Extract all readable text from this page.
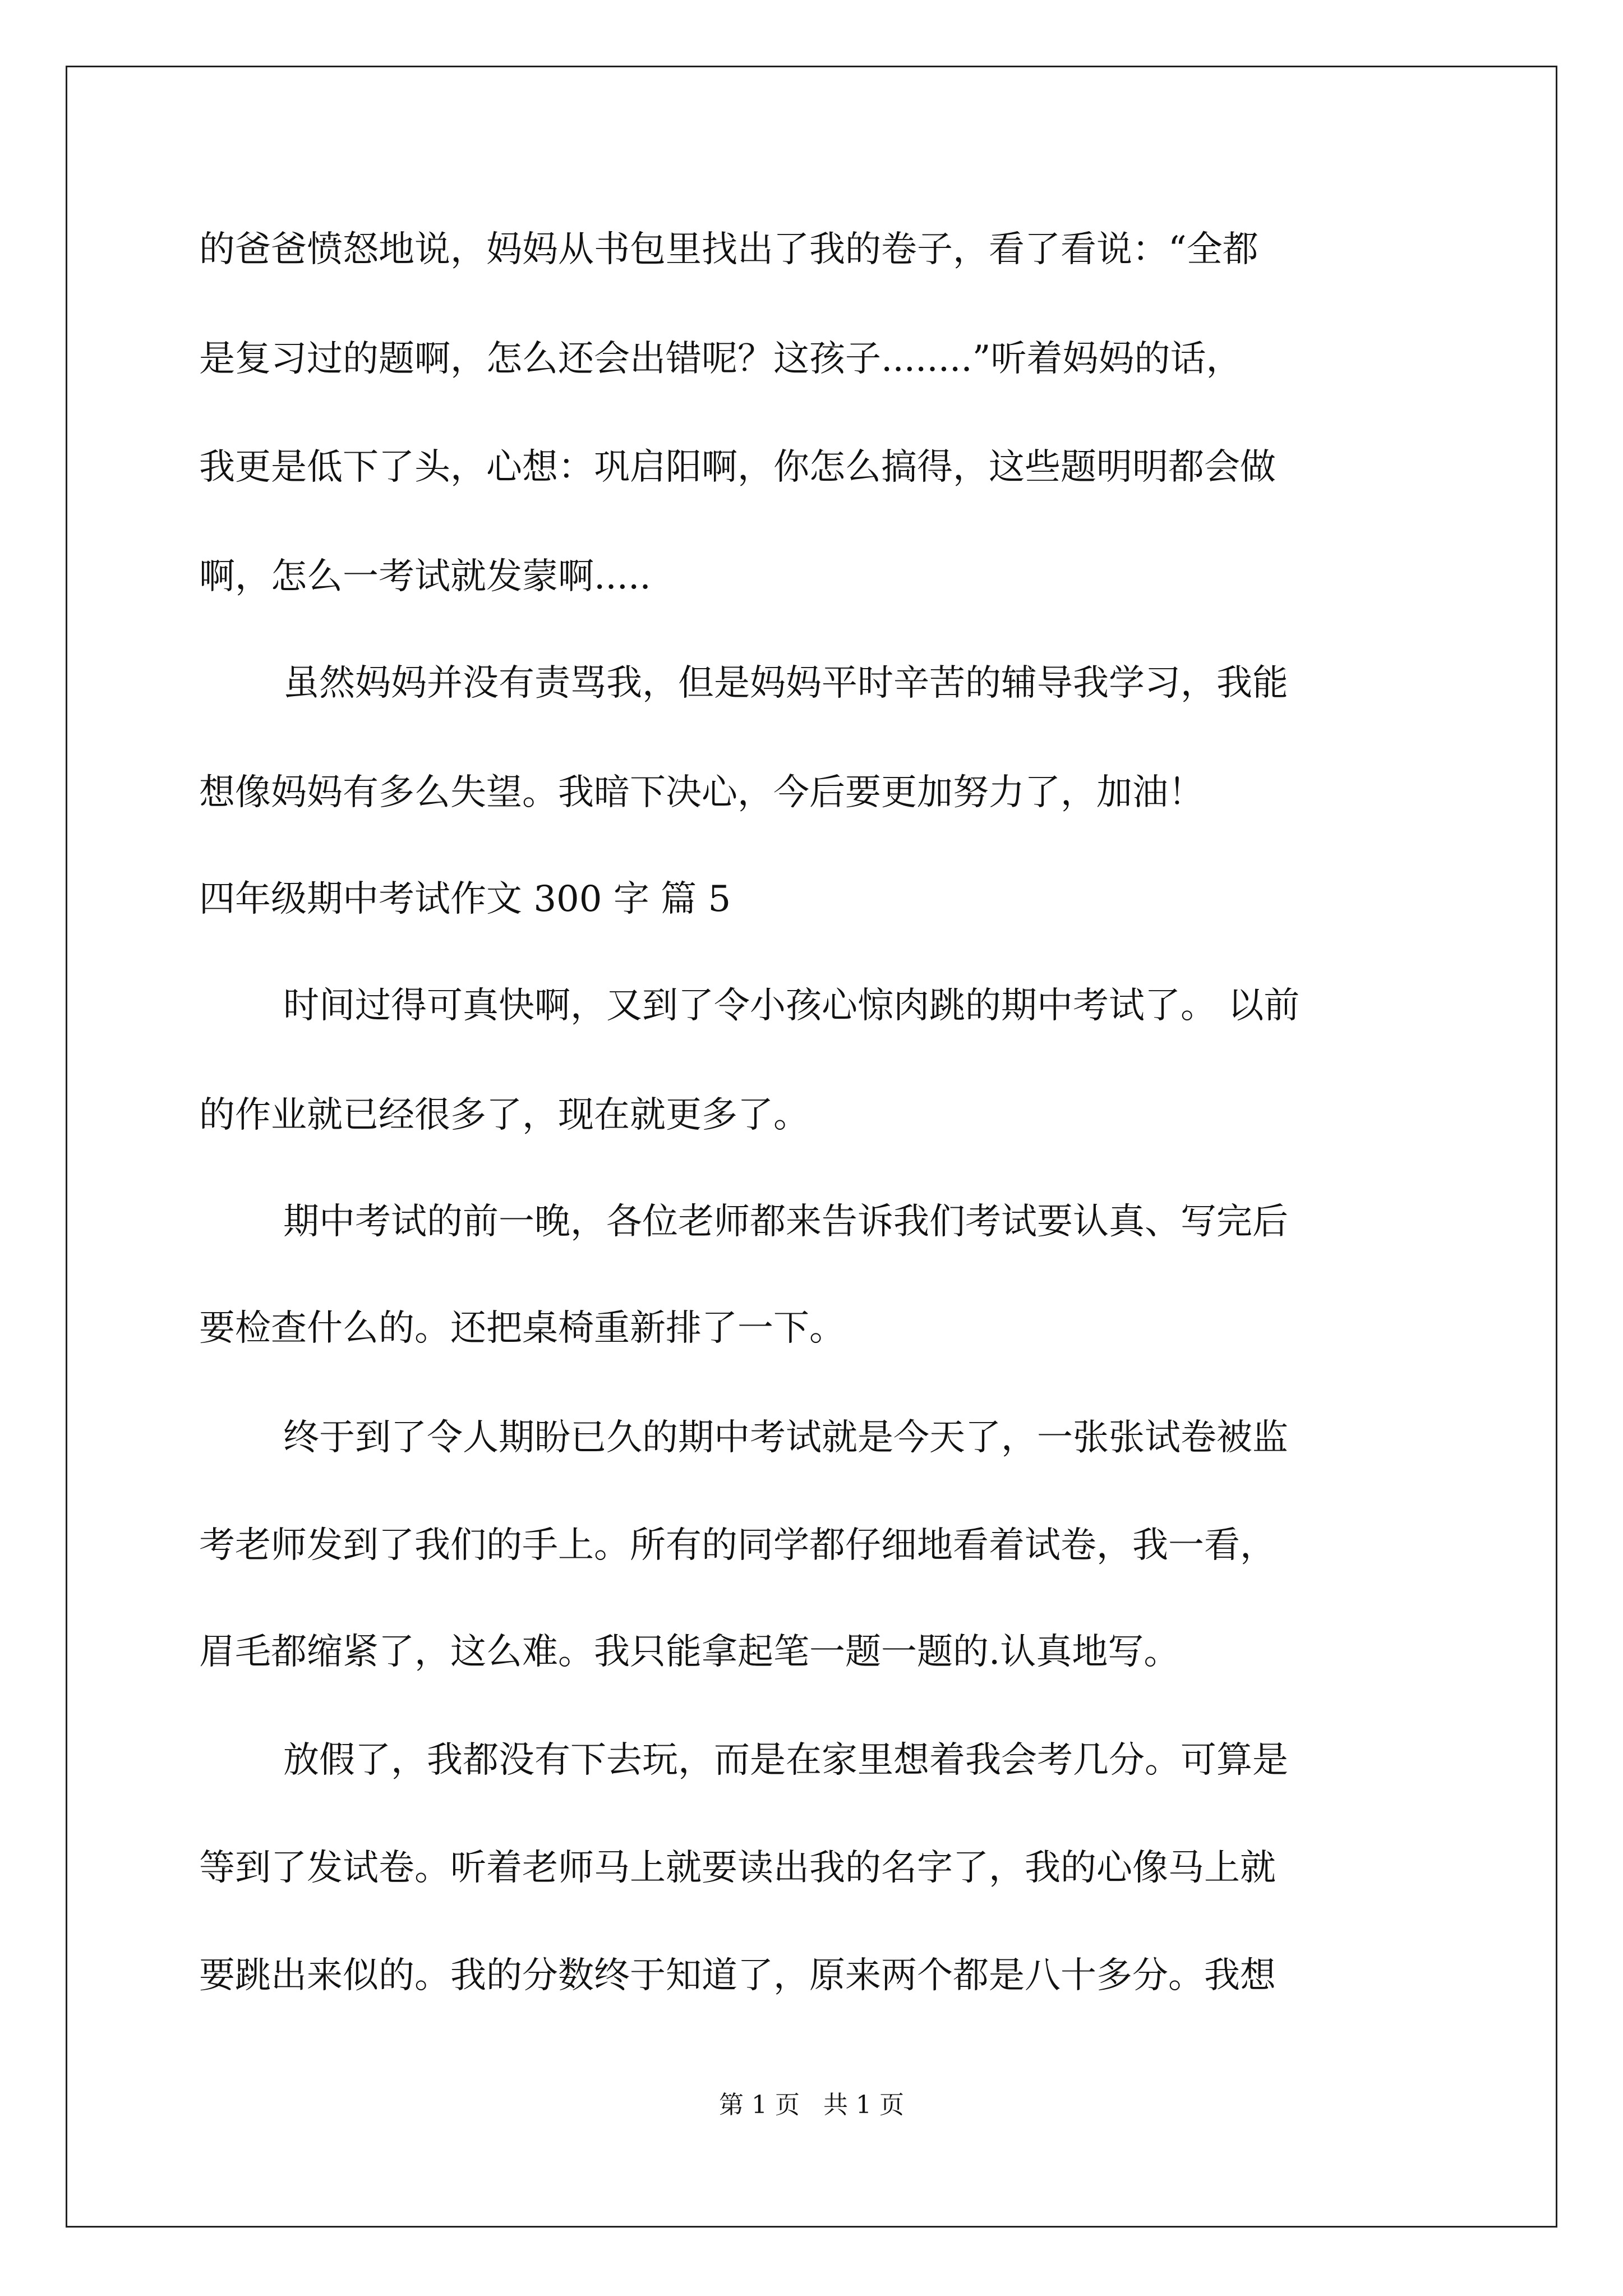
的爸爸愤怒地说，妈妈从书包里找出了我的卷子，看了看说：“全都
是复习过的题啊，怎么还会出错呢？这孩子........”听着妈妈的话，
我更是低下了头，心想：巩启阳啊，你怎么搞得，这些题明明都会做
啊，怎么一考试就发蒙啊.....
虽然妈妈并没有责骂我，但是妈妈平时辛苦的辅导我学习，我能
想像妈妈有多么失望。我暗下决心，今后要更加努力了，加油！
四年级期中考试作文 300 字 篇 5
时间过得可真快啊，又到了令小孩心惊肉跳的期中考试了。 以前
的作业就已经很多了，现在就更多了。
期中考试的前一晚，各位老师都来告诉我们考试要认真、写完后
要检查什么的。还把桌椅重新排了一下。
终于到了令人期盼已久的期中考试就是今天了，一张张试卷被监
考老师发到了我们的手上。所有的同学都仔细地看着试卷，我一看，
眉毛都缩紧了，这么难。我只能拿起笔一题一题的.认真地写。
放假了，我都没有下去玩，而是在家里想着我会考几分。可算是
等到了发试卷。听着老师马上就要读出我的名字了，我的心像马上就
要跳出来似的。我的分数终于知道了，原来两个都是八十多分。我想
第 1 页   共 1 页
